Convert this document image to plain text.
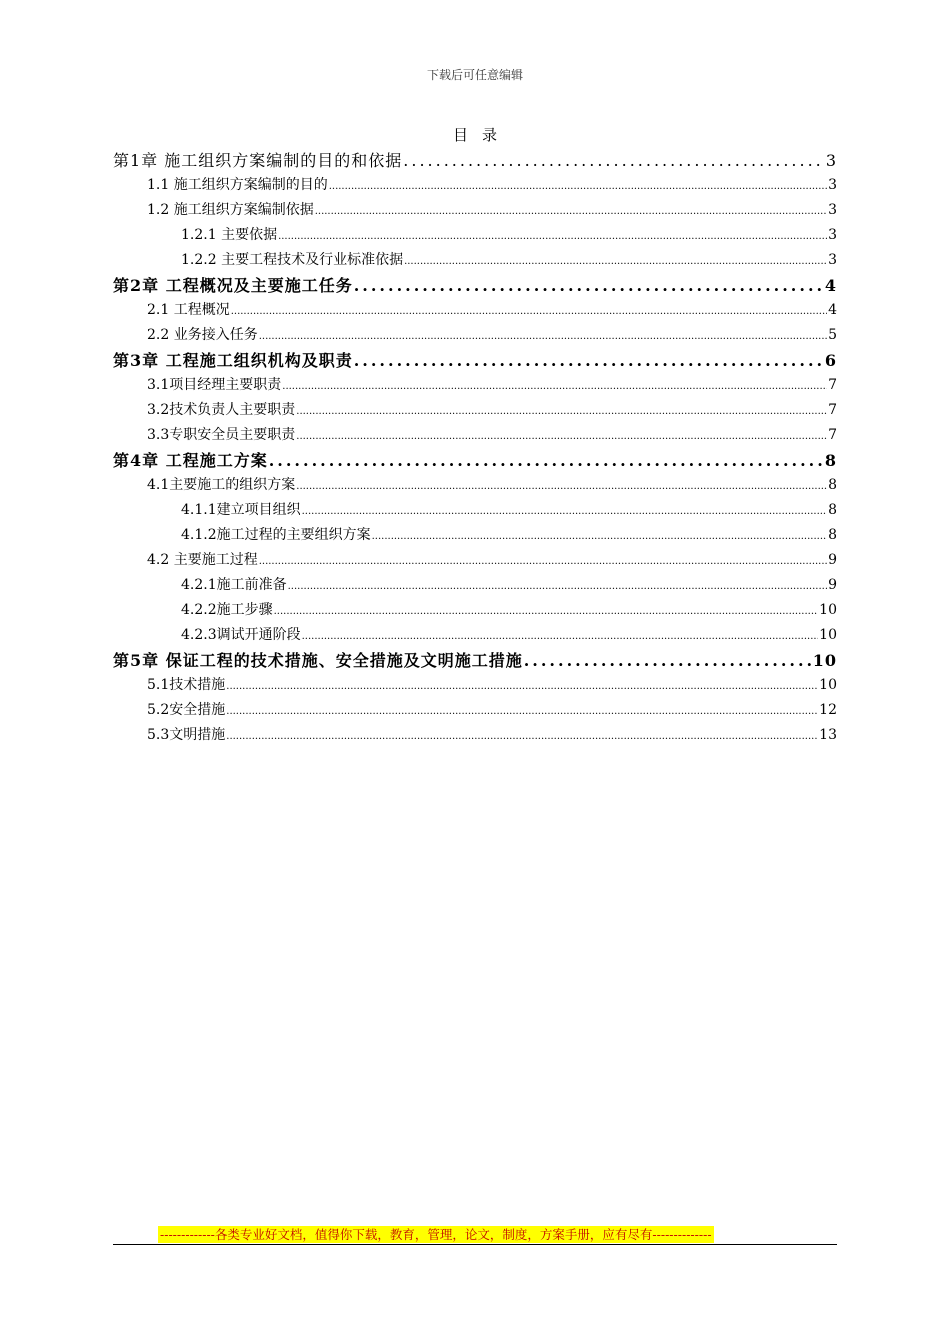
下载后可任意编辑
目录
第1章 施工组织方案编制的目的和依据 .....	3
1.1 施工组织方案编制的目的 .....	3
1.2 施工组织方案编制依据 .....	3
1.2.1 主要依据 .....	3
1.2.2 主要工程技术及行业标准依据 .....	3
第2章 工程概况及主要施工任务 .....	4
2.1 工程概况 .....	4
2.2 业务接入任务 .....	5
第3章 工程施工组织机构及职责 .....	6
3.1项目经理主要职责 .....	7
3.2技术负责人主要职责 .....	7
3.3专职安全员主要职责 .....	7
第4章 工程施工方案 .....	8
4.1主要施工的组织方案 .....	8
4.1.1建立项目组织 .....	8
4.1.2施工过程的主要组织方案 .....	8
4.2 主要施工过程 .....	9
4.2.1施工前准备 .....	9
4.2.2施工步骤 .....	10
4.2.3调试开通阶段 .....	10
第5章 保证工程的技术措施、安全措施及文明施工措施 .....	10
5.1技术措施 .....	10
5.2安全措施 .....	12
5.3文明措施 .....	13
-------------各类专业好文档，值得你下载，教育，管理，论文，制度，方案手册，应有尽有--------------
